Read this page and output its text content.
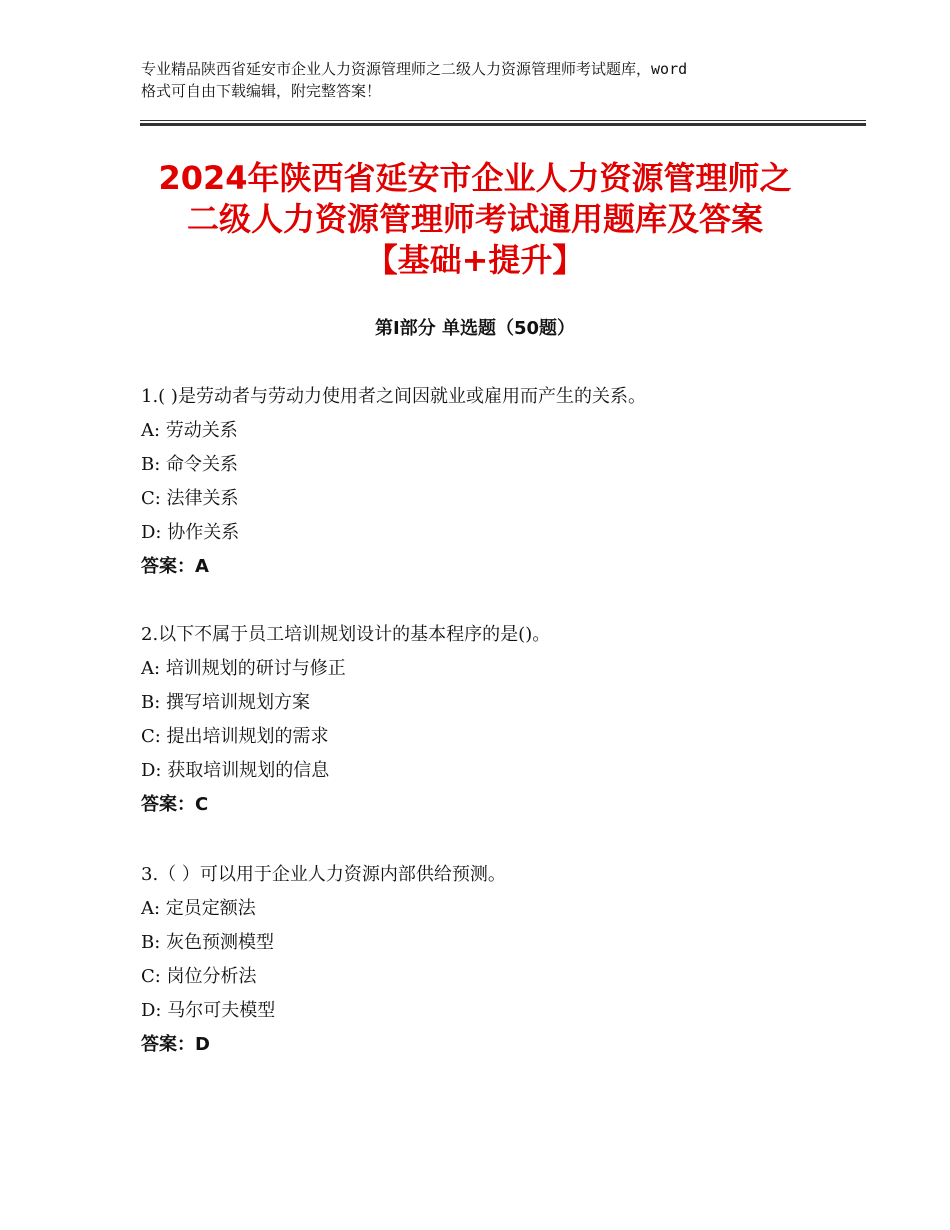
专业精品陕西省延安市企业人力资源管理师之二级人力资源管理师考试题库，word
格式可自由下载编辑，附完整答案！
2024年陕西省延安市企业人力资源管理师之
二级人力资源管理师考试通用题库及答案
【基础+提升】
第Ⅰ部分 单选题（50题）
1.( )是劳动者与劳动力使用者之间因就业或雇用而产生的关系。
A: 劳动关系
B: 命令关系
C: 法律关系
D: 协作关系
答案：A
2.以下不属于员工培训规划设计的基本程序的是()。
A: 培训规划的研讨与修正
B: 撰写培训规划方案
C: 提出培训规划的需求
D: 获取培训规划的信息
答案：C
3.（ ）可以用于企业人力资源内部供给预测。
A: 定员定额法
B: 灰色预测模型
C: 岗位分析法
D: 马尔可夫模型
答案：D
